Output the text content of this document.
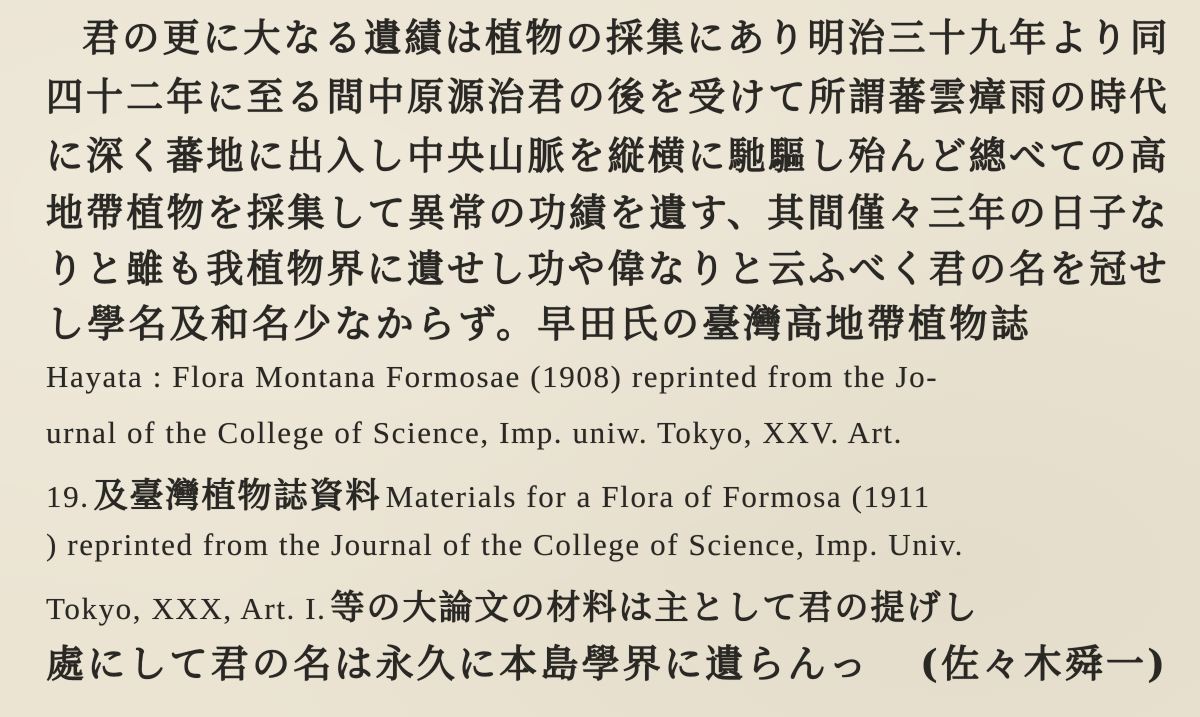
君の更に大なる遺績は植物の採集にあり明治三十九年より同
四十二年に至る間中原源治君の後を受けて所謂蕃雲瘴雨の時代
に深く蕃地に出入し中央山脈を縦横に馳驅し殆んど總べての高
地帶植物を採集して異常の功績を遺す、其間僅々三年の日子な
りと雖も我植物界に遺せし功や偉なりと云ふべく君の名を冠せ
し學名及和名少なからず。早田氏の臺灣高地帶植物誌
Hayata : Flora Montana Formosae (1908) reprinted from the Jo-
urnal of the College of Science, Imp. uniw. Tokyo, XXV. Art.
19. 及臺灣植物誌資料 Materials for a Flora of Formosa (1911
) reprinted from the Journal of the College of Science, Imp. Univ.
Tokyo, XXX, Art. I. 等の大論文の材料は主として君の提げし
處にして君の名は永久に本島學界に遺らんっ (佐々木舜一)
